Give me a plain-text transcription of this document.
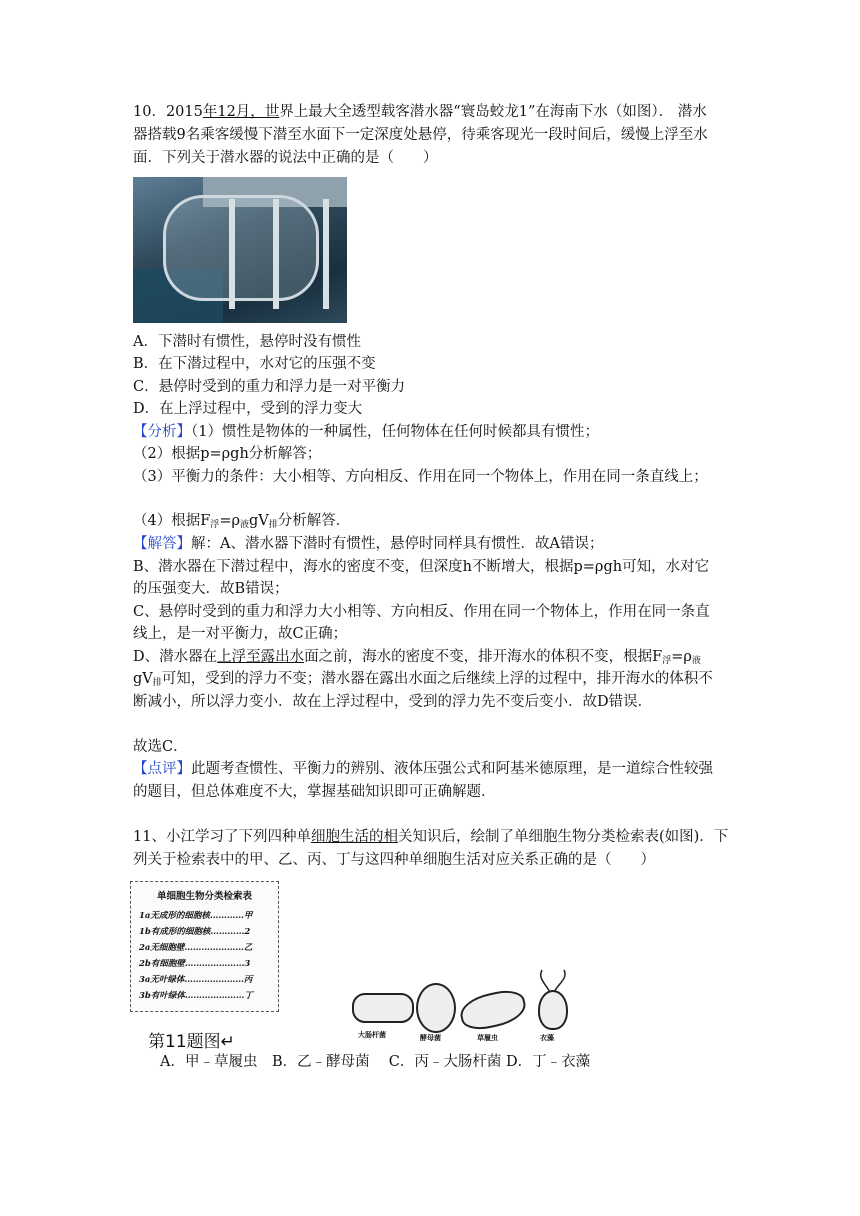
10．2015年12月，世界上最大全透型载客潜水器“寰岛蛟龙1”在海南下水（如图）． 潜水
器搭载9名乘客缓慢下潜至水面下一定深度处悬停，待乘客现光一段时间后，缓慢上浮至水
面．下列关于潜水器的说法中正确的是（　　）
A．下潜时有惯性，悬停时没有惯性
B．在下潜过程中，水对它的压强不变
C．悬停时受到的重力和浮力是一对平衡力
D．在上浮过程中，受到的浮力变大
【分析】（1）惯性是物体的一种属性，任何物体在任何时候都具有惯性；
（2）根据p=ρgh分析解答；
（3）平衡力的条件：大小相等、方向相反、作用在同一个物体上，作用在同一条直线上；
（4）根据$F_浮=\rho_液gV_排$分析解答．
【解答】解：A、潜水器下潜时有惯性，悬停时同样具有惯性．故A错误；
B、潜水器在下潜过程中，海水的密度不变，但深度h不断增大，根据p=ρgh可知，水对它
的压强变大．故B错误；
C、悬停时受到的重力和浮力大小相等、方向相反、作用在同一个物体上，作用在同一条直
线上，是一对平衡力，故C正确；
D、潜水器在上浮至露出水面之前，海水的密度不变，排开海水的体积不变，根据$F_浮=\rho_液$
$gV_排$可知，受到的浮力不变；潜水器在露出水面之后继续上浮的过程中，排开海水的体积不
断减小，所以浮力变小．故在上浮过程中，受到的浮力先不变后变小．故D错误．
故选C．
【点评】此题考查惯性、平衡力的辨别、液体压强公式和阿基米德原理，是一道综合性较强
的题目，但总体难度不大，掌握基础知识即可正确解题．
11、小江学习了下列四种单细胞生活的相关知识后，绘制了单细胞生物分类检索表(如图)．下
列关于检索表中的甲、乙、丙、丁与这四种单细胞生活对应关系正确的是（　　）
单细胞生物分类检索表
1a无成形的细胞核…………甲
1b有成形的细胞核…………2
2a无细胞壁…………………乙
2b有细胞壁…………………3
3a无叶绿体…………………丙
3b有叶绿体…………………丁
第11题图↵	大肠杆菌	酵母菌	草履虫	衣藻
A．甲﹣草履虫　B．乙﹣酵母菌　 C．丙﹣大肠杆菌 D．丁﹣衣藻
